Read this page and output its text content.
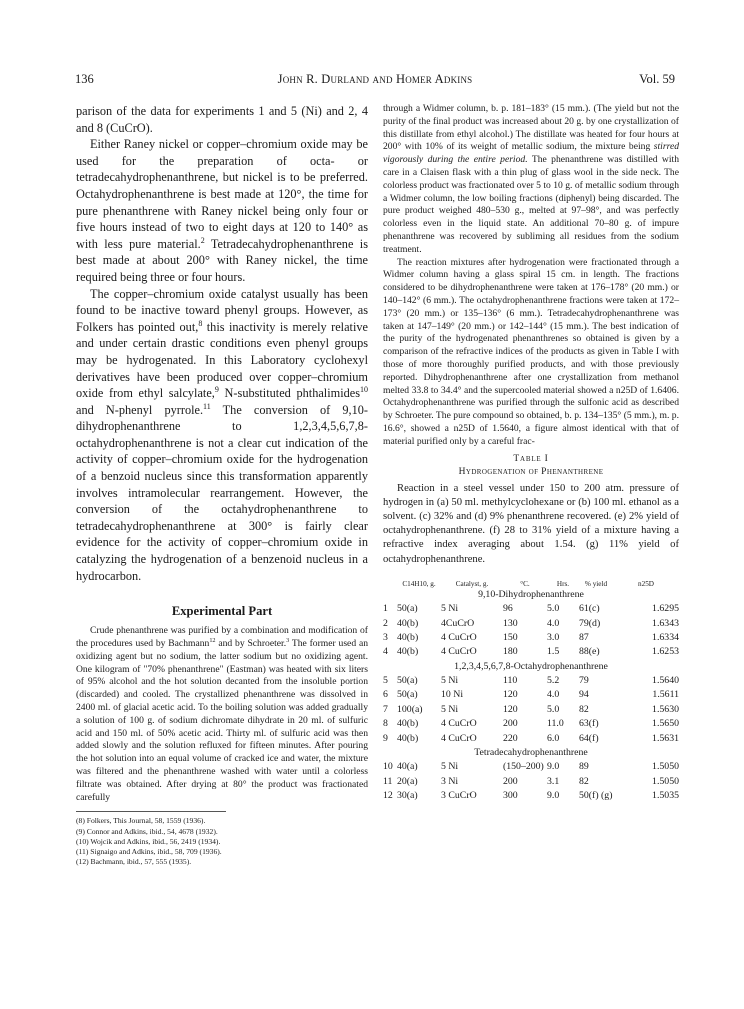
136	John R. Durland and Homer Adkins	Vol. 59

parison of the data for experiments 1 and 5 (Ni) and 2, 4 and 8 (CuCrO).

Either Raney nickel or copper–chromium oxide may be used for the preparation of octa- or tetradecahydrophenanthrene, but nickel is to be preferred. Octahydrophenanthrene is best made at 120°, the time for pure phenanthrene with Raney nickel being only four or five hours instead of two to eight days at 120 to 140° as with less pure material.$^2$ Tetradecahydrophenanthrene is best made at about 200° with Raney nickel, the time required being three or four hours.

The copper–chromium oxide catalyst usually has been found to be inactive toward phenyl groups. However, as Folkers has pointed out,$^8$ this inactivity is merely relative and under certain drastic conditions even phenyl groups may be hydrogenated. In this Laboratory cyclohexyl derivatives have been produced over copper–chromium oxide from ethyl salcylate,$^9$ N-substituted phthalimides$^{10}$ and N-phenyl pyrrole.$^{11}$ The conversion of 9,10-dihydrophenanthrene to 1,2,3,4,5,6,7,8-octahydrophenanthrene is not a clear cut indication of the activity of copper–chromium oxide for the hydrogenation of a benzoid nucleus since this transformation apparently involves intramolecular rearrangement. However, the conversion of the octahydrophenanthrene to tetradecahydrophenanthrene at 300° is fairly clear evidence for the activity of copper–chromium oxide in catalyzing the hydrogenation of a benzenoid nucleus in a hydrocarbon.

Experimental Part

Crude phenanthrene was purified by a combination and modification of the procedures used by Bachmann$^{12}$ and by Schroeter.$^3$ The former used an oxidizing agent but no sodium, the latter sodium but no oxidizing agent. One kilogram of "70% phenanthrene" (Eastman) was heated with six liters of 95% alcohol and the hot solution decanted from the insoluble portion (discarded) and cooled. The crystallized phenanthrene was dissolved in 2400 ml. of glacial acetic acid. To the boiling solution was added gradually a solution of 100 g. of sodium dichromate dihydrate in 20 ml. of sulfuric acid and 150 ml. of 50% acetic acid. Thirty ml. of sulfuric acid was then added slowly and the solution refluxed for fifteen minutes. After pouring the hot solution into an equal volume of cracked ice and water, the mixture was filtered and the phenanthrene washed with water until a colorless filtrate was obtained. After drying at 80° the product was fractionated carefully

(8) Folkers, This Journal, 58, 1559 (1936).
(9) Connor and Adkins, ibid., 54, 4678 (1932).
(10) Wojcik and Adkins, ibid., 56, 2419 (1934).
(11) Signaigo and Adkins, ibid., 58, 709 (1936).
(12) Bachmann, ibid., 57, 555 (1935).

through a Widmer column, b. p. 181–183° (15 mm.). (The yield but not the purity of the final product was increased about 20 g. by one crystallization of this distillate from ethyl alcohol.) The distillate was heated for four hours at 200° with 10% of its weight of metallic sodium, the mixture being stirred vigorously during the entire period. The phenanthrene was distilled with care in a Claisen flask with a thin plug of glass wool in the side neck. The colorless product was fractionated over 5 to 10 g. of metallic sodium through a Widmer column, the low boiling fractions (diphenyl) being discarded. The pure product weighed 480–530 g., melted at 97–98°, and was perfectly colorless even in the liquid state. An additional 70–80 g. of impure phenanthrene was recovered by subliming all residues from the sodium treatment.

The reaction mixtures after hydrogenation were fractionated through a Widmer column having a glass spiral 15 cm. in length. The fractions considered to be dihydrophenanthrene were taken at 176–178° (20 mm.) or 140–142° (6 mm.). The octahydrophenanthrene fractions were taken at 172–173° (20 mm.) or 135–136° (6 mm.). Tetradecahydrophenanthrene was taken at 147–149° (20 mm.) or 142–144° (15 mm.). The best indication of the purity of the hydrogenated phenanthrenes so obtained is given by a comparison of the refractive indices of the products as given in Table I with those of more thoroughly purified products, and with those previously reported. Dihydrophenanthrene after one crystallization from methanol melted 33.8 to 34.4° and the supercooled material showed a n25D of 1.6406. Octahydrophenanthrene was purified through the sulfonic acid as described by Schroeter. The pure compound so obtained, b. p. 134–135° (5 mm.), m. p. 16.6°, showed a n25D of 1.5640, a figure almost identical with that of material purified only by a careful frac-

Table I
Hydrogenation of Phenanthrene

Reaction in a steel vessel under 150 to 200 atm. pressure of hydrogen in (a) 50 ml. methylcyclohexane or (b) 100 ml. ethanol as a solvent. (c) 32% and (d) 9% phenanthrene recovered. (e) 2% yield of octahydrophenanthrene. (f) 28 to 31% yield of a mixture having a refractive index averaging about 1.54. (g) 11% yield of octahydrophenanthrene.

	C14H10, g.	Catalyst, g.	°C.	Hrs.	% yield	n25D
9,10-Dihydrophenanthrene						
1	50(a)	5 Ni	96	5.0	61(c)	1.6295
2	40(b)	4CuCrO	130	4.0	79(d)	1.6343
3	40(b)	4 CuCrO	150	3.0	87	1.6334
4	40(b)	4 CuCrO	180	1.5	88(e)	1.6253
1,2,3,4,5,6,7,8-Octahydrophenanthrene						
5	50(a)	5 Ni	110	5.2	79	1.5640
6	50(a)	10 Ni	120	4.0	94	1.5611
7	100(a)	5 Ni	120	5.0	82	1.5630
8	40(b)	4 CuCrO	200	11.0	63(f)	1.5650
9	40(b)	4 CuCrO	220	6.0	64(f)	1.5631
Tetradecahydrophenanthrene						
10	40(a)	5 Ni	(150–200)	9.0	89	1.5050
11	20(a)	3 Ni	200	3.1	82	1.5050
12	30(a)	3 CuCrO	300	9.0	50(f) (g)	1.5035
